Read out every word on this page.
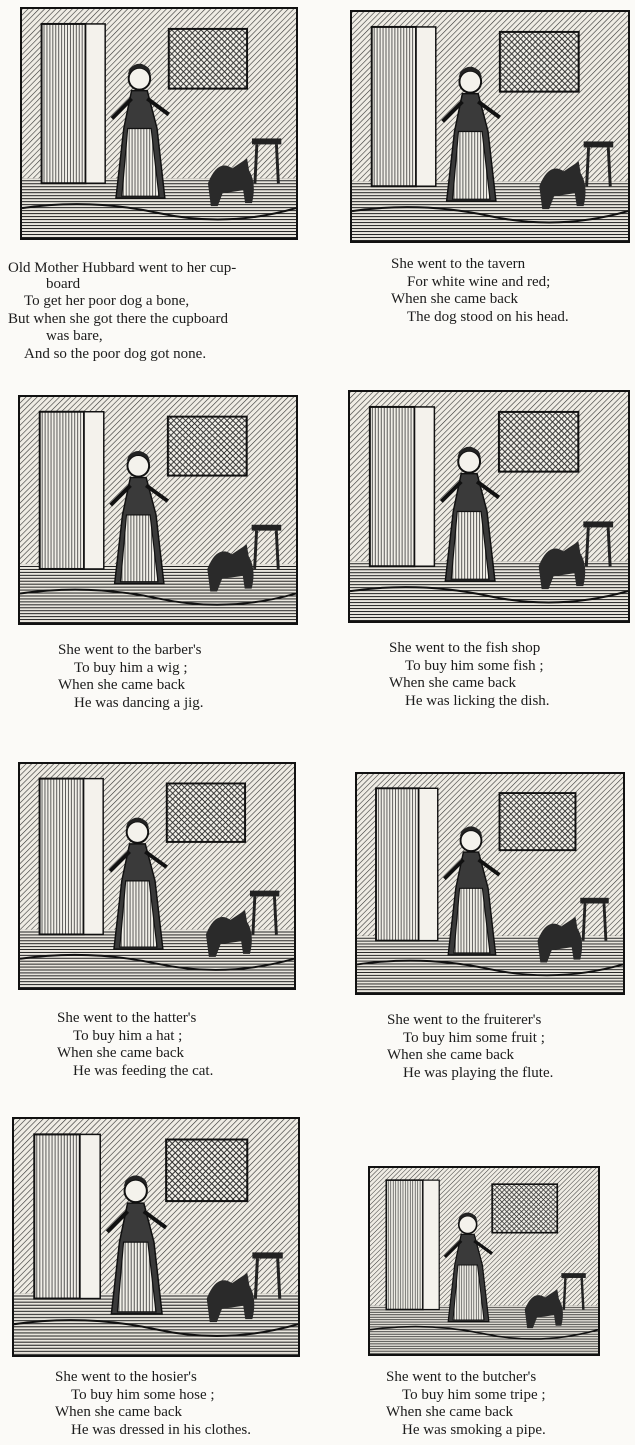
Old Mother Hubbard went to her cup-
board
To get her poor dog a bone,
But when she got there the cupboard
was bare,
And so the poor dog got none.
She went to the tavern
For white wine and red;
When she came back
The dog stood on his head.
She went to the barber's
To buy him a wig ;
When she came back
He was dancing a jig.
She went to the fish shop
To buy him some fish ;
When she came back
He was licking the dish.
She went to the hatter's
To buy him a hat ;
When she came back
He was feeding the cat.
She went to the fruiterer's
To buy him some fruit ;
When she came back
He was playing the flute.
She went to the hosier's
To buy him some hose ;
When she came back
He was dressed in his clothes.
She went to the butcher's
To buy him some tripe ;
When she came back
He was smoking a pipe.
